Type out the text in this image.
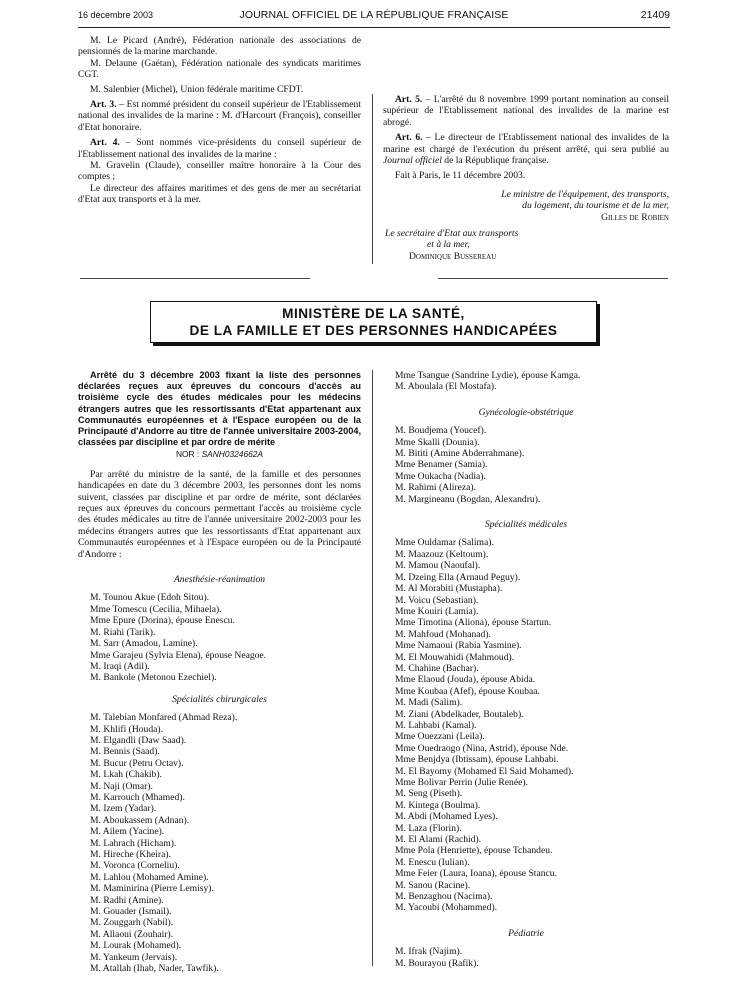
16 décembre 2003	JOURNAL OFFICIEL DE LA RÉPUBLIQUE FRANÇAISE	21409

M. Le Picard (André), Fédération nationale des associations de pensionnés de la marine marchande.

M. Delaune (Gaëtan), Fédération nationale des syndicats maritimes CGT.

M. Salenbier (Michel), Union fédérale maritime CFDT.

Art. 3. – Est nommé président du conseil supérieur de l'Etablissement national des invalides de la marine : M. d'Harcourt (François), conseiller d'Etat honoraire.

Art. 4. – Sont nommés vice-présidents du conseil supérieur de l'Etablissement national des invalides de la marine :

M. Gravelin (Claude), conseiller maître honoraire à la Cour des comptes ;

Le directeur des affaires maritimes et des gens de mer au secrétariat d'Etat aux transports et à la mer.

Art. 5. – L'arrêté du 8 novembre 1999 portant nomination au conseil supérieur de l'Etablissement national des invalides de la marine est abrogé.

Art. 6. – Le directeur de l'Etablissement national des invalides de la marine est chargé de l'exécution du présent arrêté, qui sera publié au Journal officiel de la République française.

Fait à Paris, le 11 décembre 2003.

Le ministre de l'équipement, des transports,

du logement, du tourisme et de la mer,

Gilles de Robien

Le secrétaire d'Etat aux transports

et à la mer,

Dominique Bussereau

MINISTÈRE DE LA SANTÉ,
DE LA FAMILLE ET DES PERSONNES HANDICAPÉES

Arrêté du 3 décembre 2003 fixant la liste des personnes déclarées reçues aux épreuves du concours d'accès au troisième cycle des études médicales pour les médecins étrangers autres que les ressortissants d'Etat appartenant aux Communautés européennes et à l'Espace européen ou de la Principauté d'Andorre au titre de l'année universitaire 2003-2004, classées par discipline et par ordre de mérite

NOR : SANH0324662A

Par arrêté du ministre de la santé, de la famille et des personnes handicapées en date du 3 décembre 2003, les personnes dont les noms suivent, classées par discipline et par ordre de mérite, sont déclarées reçues aux épreuves du concours permettant l'accès au troisième cycle des études médicales au titre de l'année universitaire 2002-2003 pour les médecins étrangers autres que les ressortissants d'Etat appartenant aux Communautés européennes et à l'Espace européen ou de la Principauté d'Andorre :

Anesthésie-réanimation

M. Tounou Akue (Edoh Sitou).

Mme Tomescu (Cecilia, Mihaela).

Mme Epure (Dorina), épouse Enescu.

M. Riahi (Tarik).

M. Sarr (Amadou, Lamine).

Mme Garajeu (Sylvia Elena), épouse Neagoe.

M. Iraqi (Adil).

M. Bankole (Metonou Ezechiel).

Spécialités chirurgicales

M. Talebian Monfared (Ahmad Reza).

M. Khlifi (Houda).

M. Elgandli (Daw Saad).

M. Bennis (Saad).

M. Bucur (Petru Octav).

M. Lkah (Chakib).

M. Naji (Omar).

M. Karrouch (Mhamed).

M. Izem (Yadar).

M. Aboukassem (Adnan).

M. Ailem (Yacine).

M. Lahrach (Hicham).

M. Hireche (Kheira).

M. Voronca (Corneliu).

M. Lahlou (Mohamed Amine).

M. Maminirina (Pierre Lemisy).

M. Radhi (Amine).

M. Gouader (Ismail).

M. Zouggarh (Nabil).

M. Allaoui (Zouhair).

M. Lourak (Mohamed).

M. Yankeum (Jervais).

M. Atallah (Ihab, Nader, Tawfik).

Mme Tsangue (Sandrine Lydie), épouse Kamga.

M. Aboulala (El Mostafa).

Gynécologie-obstétrique

M. Boudjema (Youcef).

Mme Skalli (Dounia).

M. Bititi (Amine Abderrahmane).

Mme Benamer (Samia).

Mme Oukacha (Nadia).

M. Rahimi (Alireza).

M. Margineanu (Bogdan, Alexandru).

Spécialités médicales

Mme Ouldamar (Salima).

M. Maazouz (Keltoum).

M. Mamou (Naoufal).

M. Dzeing Ella (Arnaud Peguy).

M. Al Morabiti (Mustapha).

M. Voicu (Sebastian).

Mme Kouiri (Lamia).

Mme Timotina (Aliona), épouse Startun.

M. Mahfoud (Mohanad).

Mme Namaoui (Rabia Yasmine).

M. El Mouwahidi (Mahmoud).

M. Chahine (Bachar).

Mme Elaoud (Jouda), épouse Abida.

Mme Koubaa (Afef), épouse Koubaa.

M. Madi (Salim).

M. Ziani (Abdelkader, Boutaleb).

M. Lahbabi (Kamal).

Mme Ouezzani (Leila).

Mme Ouedraogo (Nina, Astrid), épouse Nde.

Mme Benjdya (Ibtissam), épouse Lahbabi.

M. El Bayomy (Mohamed El Said Mohamed).

Mme Bolivar Perrin (Julie Renée).

M. Seng (Piseth).

M. Kintega (Boulma).

M. Abdi (Mohamed Lyes).

M. Laza (Florin).

M. El Alami (Rachid).

Mme Pola (Henriette), épouse Tchandeu.

M. Enescu (Iulian).

Mme Feier (Laura, Ioana), épouse Stancu.

M. Sanou (Racine).

M. Benzaghou (Nacima).

M. Yacoubi (Mohammed).

Pédiatrie

M. Ifrak (Najim).

M. Bourayou (Rafik).
